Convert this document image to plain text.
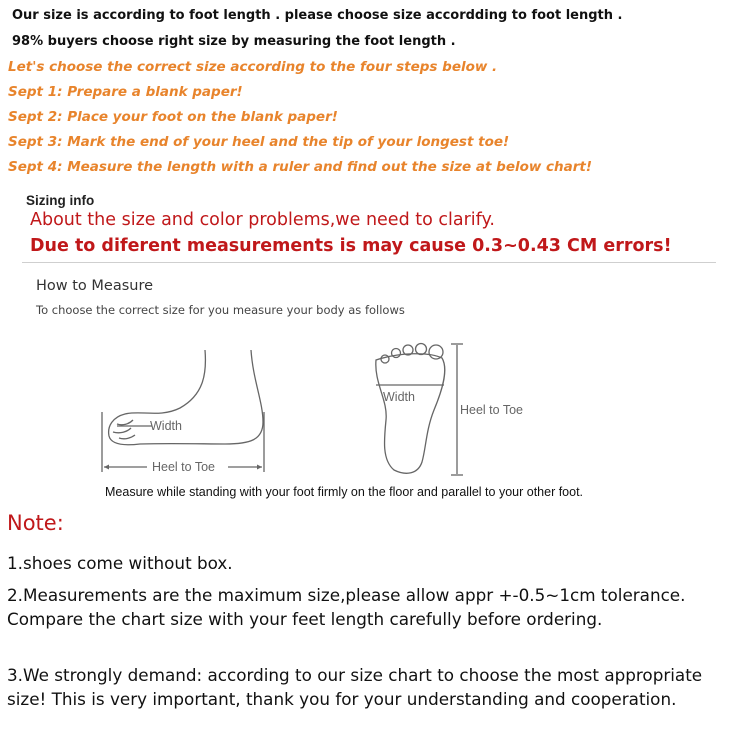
Our size is according to foot length . please choose size accordding to foot length .
98% buyers choose right size by measuring the foot length .
Let's choose the correct size according to the four steps below .
Sept 1: Prepare a blank paper!
Sept 2: Place your foot on the blank paper!
Sept 3: Mark the end of your heel and the tip of your longest toe!
Sept 4: Measure the length with a ruler and find out the size at below chart!
Sizing info
About the size and color problems,we need to clarify.
Due to diferent measurements is may cause 0.3~0.43 CM errors!
How to Measure
To choose the correct size for you measure your body as follows
Width
Heel to Toe
Width
Heel to Toe
Measure while standing with your foot firmly on the floor and parallel to your other foot.
Note:
1.shoes come without box.
2.Measurements are the maximum size,please allow appr +-0.5~1cm tolerance. Compare the chart size with your feet length carefully before ordering.
3.We strongly demand: according to our size chart to choose the most appropriate size! This is very important, thank you for your understanding and cooperation.
